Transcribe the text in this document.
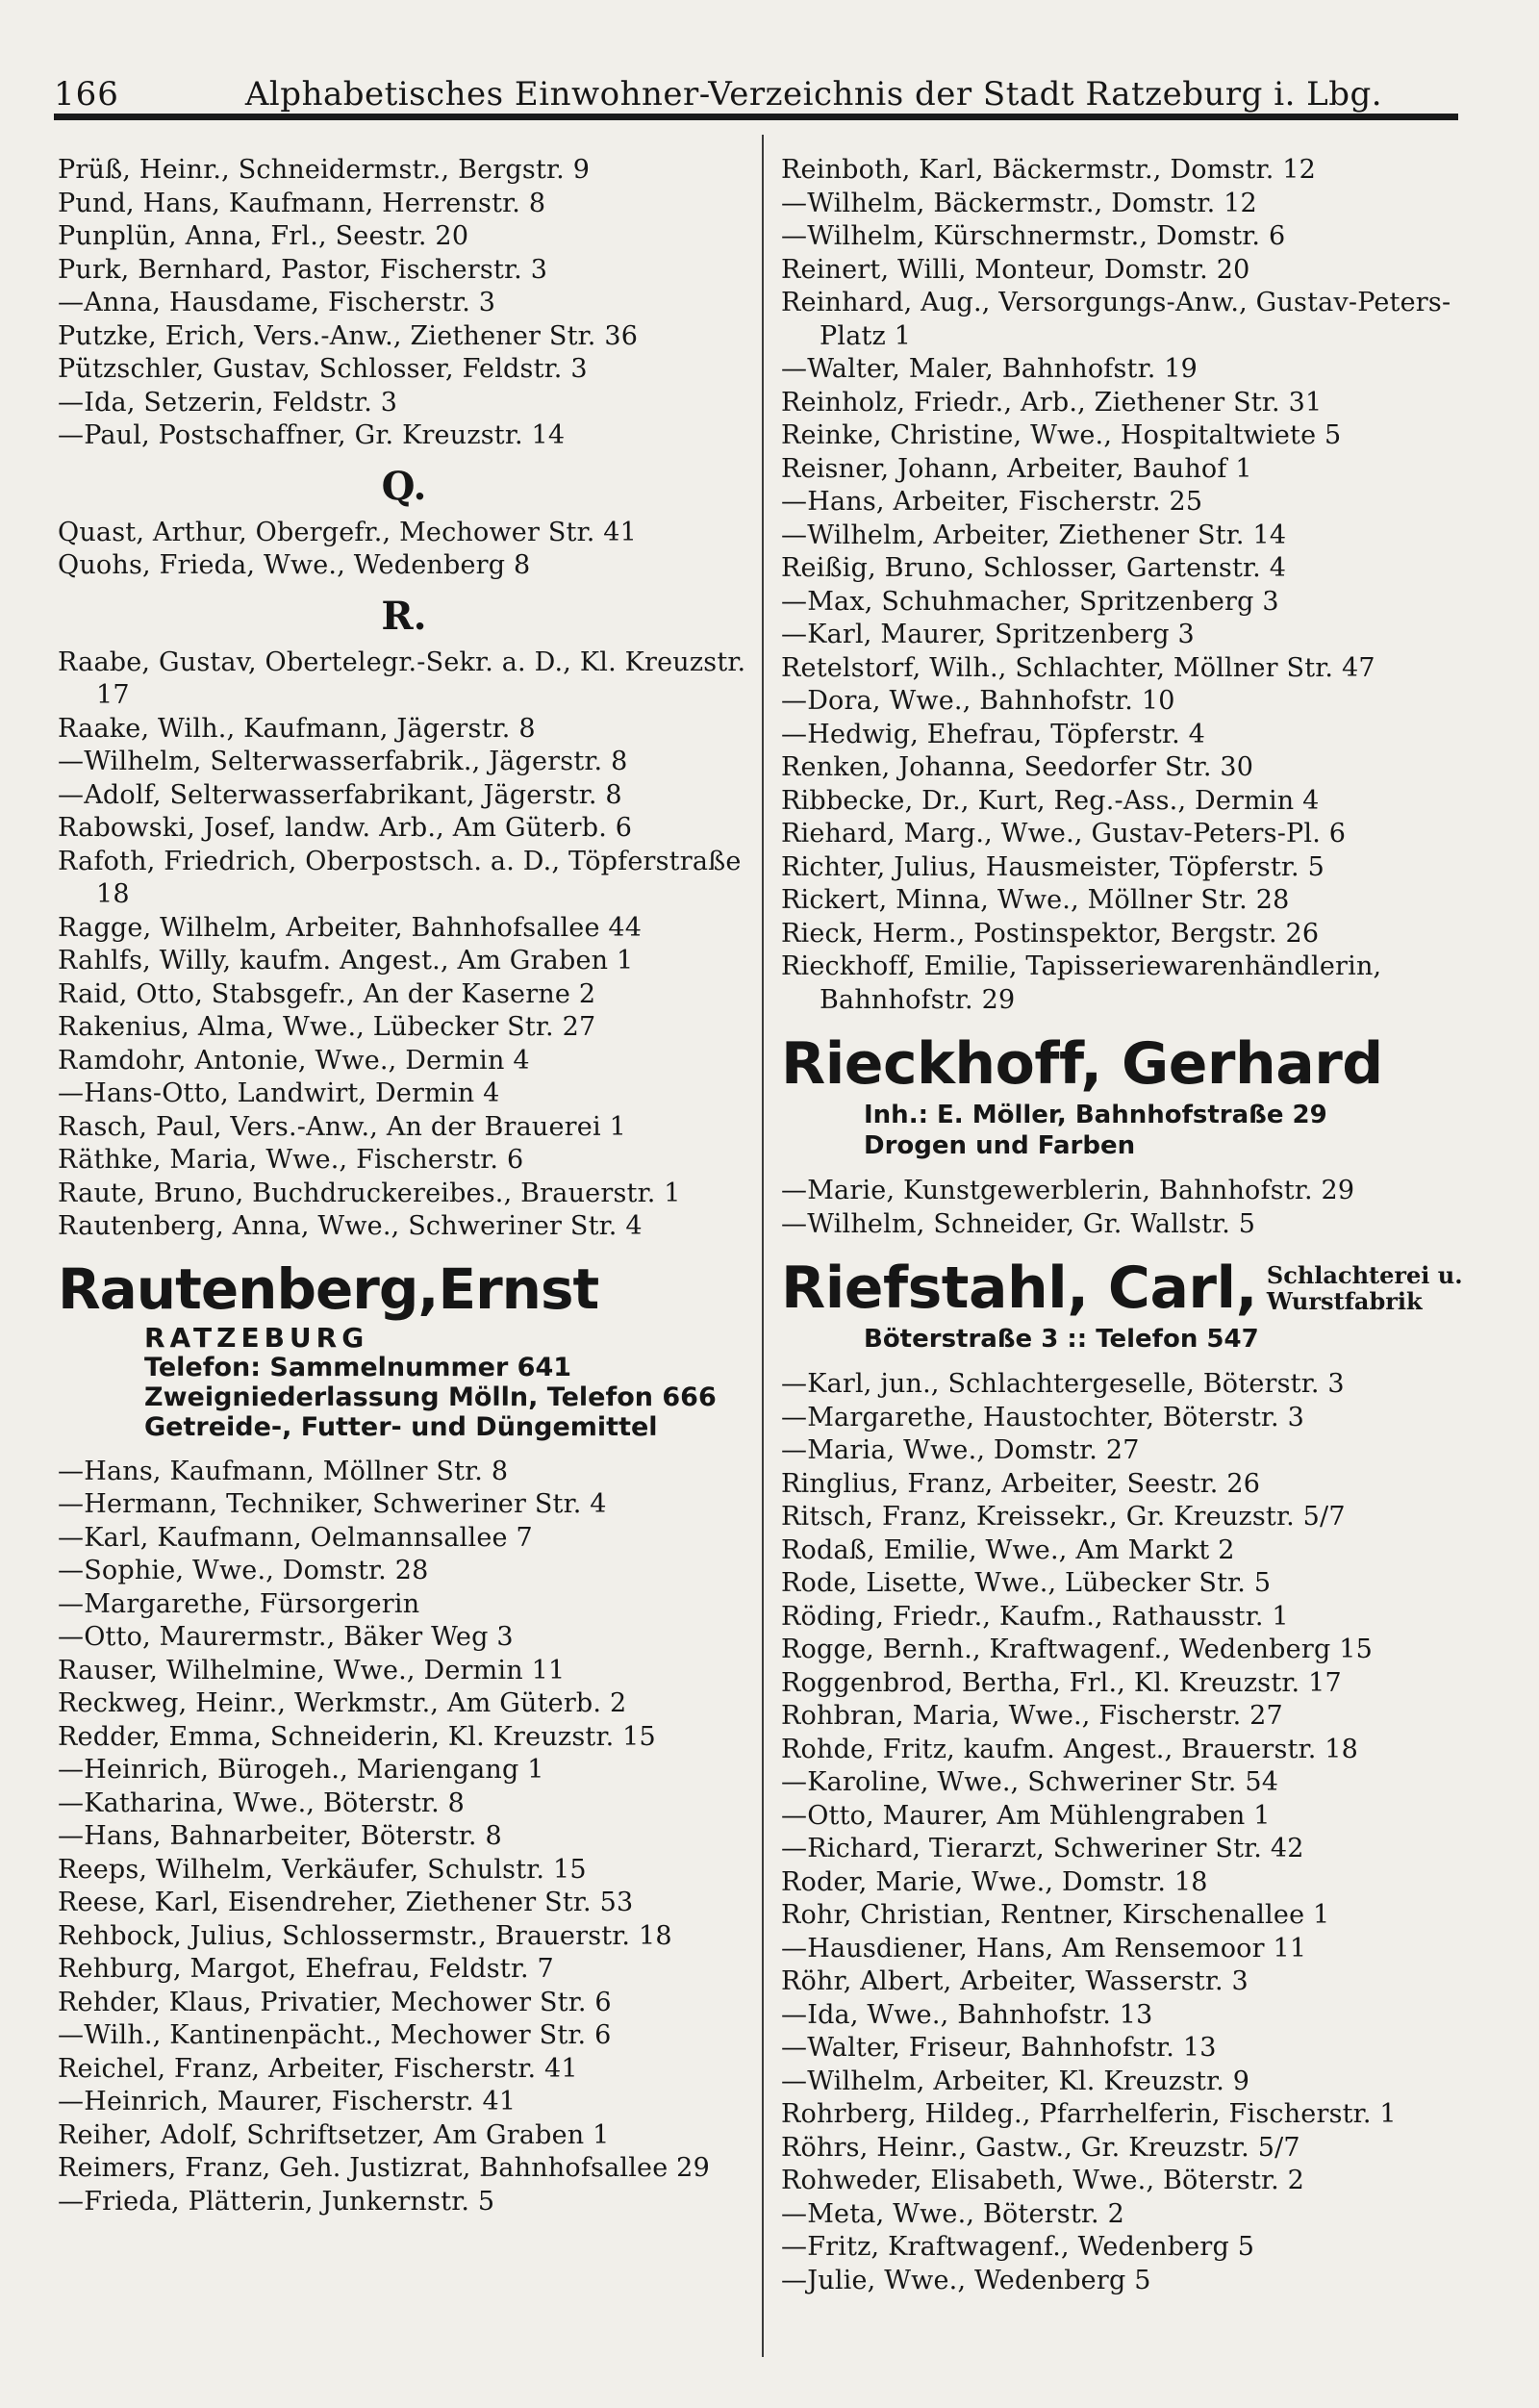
166	Alphabetisches Einwohner-Verzeichnis der Stadt Ratzeburg i. Lbg.
Prüß, Heinr., Schneidermstr., Bergstr. 9
Pund, Hans, Kaufmann, Herrenstr. 8
Punplün, Anna, Frl., Seestr. 20
Purk, Bernhard, Pastor, Fischerstr. 3
—Anna, Hausdame, Fischerstr. 3
Putzke, Erich, Vers.-Anw., Ziethener Str. 36
Pützschler, Gustav, Schlosser, Feldstr. 3
—Ida, Setzerin, Feldstr. 3
—Paul, Postschaffner, Gr. Kreuzstr. 14
Q.
Quast, Arthur, Obergefr., Mechower Str. 41
Quohs, Frieda, Wwe., Wedenberg 8
R.
Raabe, Gustav, Obertelegr.-Sekr. a. D., Kl. Kreuzstr. 17
Raake, Wilh., Kaufmann, Jägerstr. 8
—Wilhelm, Selterwasserfabrik., Jägerstr. 8
—Adolf, Selterwasserfabrikant, Jägerstr. 8
Rabowski, Josef, landw. Arb., Am Güterb. 6
Rafoth, Friedrich, Oberpostsch. a. D., Töpferstraße 18
Ragge, Wilhelm, Arbeiter, Bahnhofsallee 44
Rahlfs, Willy, kaufm. Angest., Am Graben 1
Raid, Otto, Stabsgefr., An der Kaserne 2
Rakenius, Alma, Wwe., Lübecker Str. 27
Ramdohr, Antonie, Wwe., Dermin 4
—Hans-Otto, Landwirt, Dermin 4
Rasch, Paul, Vers.-Anw., An der Brauerei 1
Räthke, Maria, Wwe., Fischerstr. 6
Raute, Bruno, Buchdruckereibes., Brauerstr. 1
Rautenberg, Anna, Wwe., Schweriner Str. 4
Rautenberg,Ernst
RATZEBURG
Telefon: Sammelnummer 641
Zweigniederlassung Mölln, Telefon 666
Getreide-, Futter- und Düngemittel
—Hans, Kaufmann, Möllner Str. 8
—Hermann, Techniker, Schweriner Str. 4
—Karl, Kaufmann, Oelmannsallee 7
—Sophie, Wwe., Domstr. 28
—Margarethe, Fürsorgerin
—Otto, Maurermstr., Bäker Weg 3
Rauser, Wilhelmine, Wwe., Dermin 11
Reckweg, Heinr., Werkmstr., Am Güterb. 2
Redder, Emma, Schneiderin, Kl. Kreuzstr. 15
—Heinrich, Bürogeh., Mariengang 1
—Katharina, Wwe., Böterstr. 8
—Hans, Bahnarbeiter, Böterstr. 8
Reeps, Wilhelm, Verkäufer, Schulstr. 15
Reese, Karl, Eisendreher, Ziethener Str. 53
Rehbock, Julius, Schlossermstr., Brauerstr. 18
Rehburg, Margot, Ehefrau, Feldstr. 7
Rehder, Klaus, Privatier, Mechower Str. 6
—Wilh., Kantinenpächt., Mechower Str. 6
Reichel, Franz, Arbeiter, Fischerstr. 41
—Heinrich, Maurer, Fischerstr. 41
Reiher, Adolf, Schriftsetzer, Am Graben 1
Reimers, Franz, Geh. Justizrat, Bahnhofsallee 29
—Frieda, Plätterin, Junkernstr. 5
Reinboth, Karl, Bäckermstr., Domstr. 12
—Wilhelm, Bäckermstr., Domstr. 12
—Wilhelm, Kürschnermstr., Domstr. 6
Reinert, Willi, Monteur, Domstr. 20
Reinhard, Aug., Versorgungs-Anw., Gustav-Peters-Platz 1
—Walter, Maler, Bahnhofstr. 19
Reinholz, Friedr., Arb., Ziethener Str. 31
Reinke, Christine, Wwe., Hospitaltwiete 5
Reisner, Johann, Arbeiter, Bauhof 1
—Hans, Arbeiter, Fischerstr. 25
—Wilhelm, Arbeiter, Ziethener Str. 14
Reißig, Bruno, Schlosser, Gartenstr. 4
—Max, Schuhmacher, Spritzenberg 3
—Karl, Maurer, Spritzenberg 3
Retelstorf, Wilh., Schlachter, Möllner Str. 47
—Dora, Wwe., Bahnhofstr. 10
—Hedwig, Ehefrau, Töpferstr. 4
Renken, Johanna, Seedorfer Str. 30
Ribbecke, Dr., Kurt, Reg.-Ass., Dermin 4
Riehard, Marg., Wwe., Gustav-Peters-Pl. 6
Richter, Julius, Hausmeister, Töpferstr. 5
Rickert, Minna, Wwe., Möllner Str. 28
Rieck, Herm., Postinspektor, Bergstr. 26
Rieckhoff, Emilie, Tapisseriewarenhändlerin, Bahnhofstr. 29
Rieckhoff, Gerhard
Inh.: E. Möller, Bahnhofstraße 29
Drogen und Farben
—Marie, Kunstgewerblerin, Bahnhofstr. 29
—Wilhelm, Schneider, Gr. Wallstr. 5
Riefstahl, Carl, Schlachterei u.
Wurstfabrik
Böterstraße 3 :: Telefon 547
—Karl, jun., Schlachtergeselle, Böterstr. 3
—Margarethe, Haustochter, Böterstr. 3
—Maria, Wwe., Domstr. 27
Ringlius, Franz, Arbeiter, Seestr. 26
Ritsch, Franz, Kreissekr., Gr. Kreuzstr. 5/7
Rodaß, Emilie, Wwe., Am Markt 2
Rode, Lisette, Wwe., Lübecker Str. 5
Röding, Friedr., Kaufm., Rathausstr. 1
Rogge, Bernh., Kraftwagenf., Wedenberg 15
Roggenbrod, Bertha, Frl., Kl. Kreuzstr. 17
Rohbran, Maria, Wwe., Fischerstr. 27
Rohde, Fritz, kaufm. Angest., Brauerstr. 18
—Karoline, Wwe., Schweriner Str. 54
—Otto, Maurer, Am Mühlengraben 1
—Richard, Tierarzt, Schweriner Str. 42
Roder, Marie, Wwe., Domstr. 18
Rohr, Christian, Rentner, Kirschenallee 1
—Hausdiener, Hans, Am Rensemoor 11
Röhr, Albert, Arbeiter, Wasserstr. 3
—Ida, Wwe., Bahnhofstr. 13
—Walter, Friseur, Bahnhofstr. 13
—Wilhelm, Arbeiter, Kl. Kreuzstr. 9
Rohrberg, Hildeg., Pfarrhelferin, Fischerstr. 1
Röhrs, Heinr., Gastw., Gr. Kreuzstr. 5/7
Rohweder, Elisabeth, Wwe., Böterstr. 2
—Meta, Wwe., Böterstr. 2
—Fritz, Kraftwagenf., Wedenberg 5
—Julie, Wwe., Wedenberg 5
